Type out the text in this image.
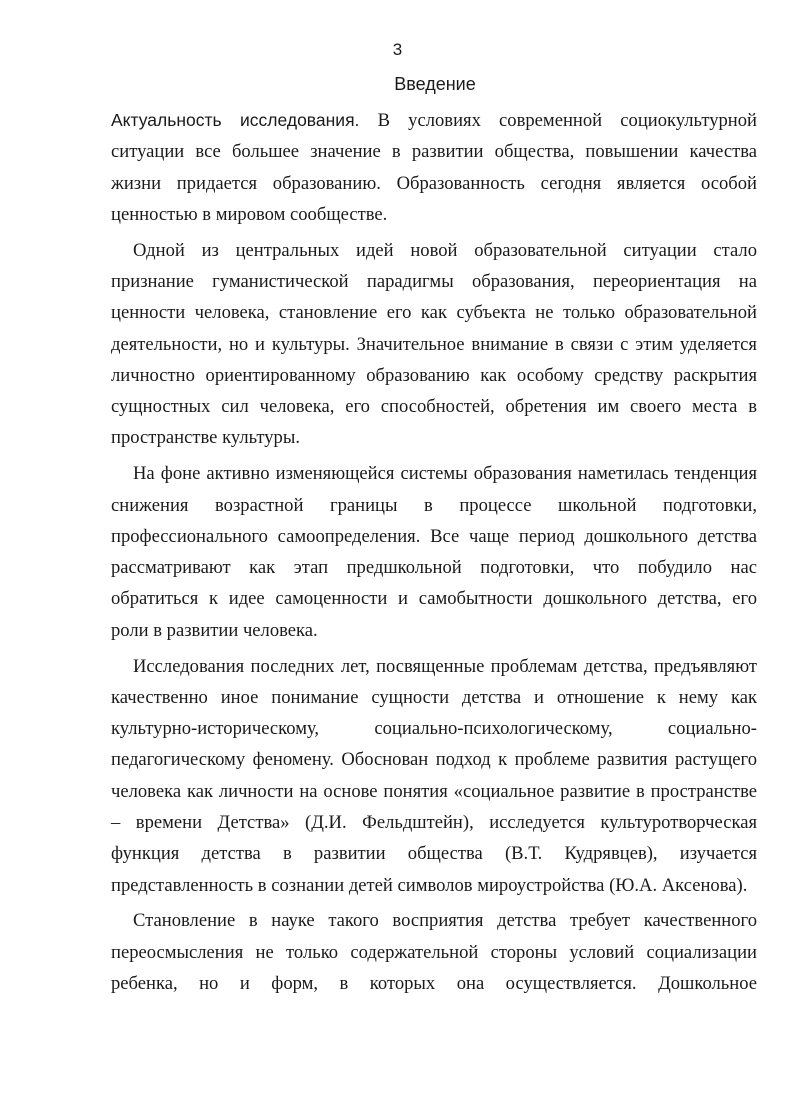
3
Введение
Актуальность исследования. В условиях современной социокультурной
ситуации все большее значение в развитии общества, повышении качества
жизни придается образованию. Образованность сегодня является особой
ценностью в мировом сообществе.
Одной из центральных идей новой образовательной ситуации стало
признание гуманистической парадигмы образования, переориентация на
ценности человека, становление его как субъекта не только образовательной
деятельности, но и культуры. Значительное внимание в связи с этим уделяется
личностно ориентированному образованию как особому средству раскрытия
сущностных сил человека, его способностей, обретения им своего места в
пространстве культуры.
На фоне активно изменяющейся системы образования наметилась тенденция
снижения возрастной границы в процессе школьной подготовки,
профессионального самоопределения. Все чаще период дошкольного детства
рассматривают как этап предшкольной подготовки, что побудило нас
обратиться к идее самоценности и самобытности дошкольного детства, его
роли в развитии человека.
Исследования последних лет, посвященные проблемам детства, предъявляют
качественно иное понимание сущности детства и отношение к нему как
культурно-историческому, социально-психологическому, социально-
педагогическому феномену. Обоснован подход к проблеме развития растущего
человека как личности на основе понятия «социальное развитие в пространстве
– времени Детства» (Д.И. Фельдштейн), исследуется культуротворческая
функция детства в развитии общества (В.Т. Кудрявцев), изучается
представленность в сознании детей символов мироустройства (Ю.А. Аксенова).
Становление в науке такого восприятия детства требует качественного
переосмысления не только содержательной стороны условий социализации
ребенка, но и форм, в которых она осуществляется. Дошкольное
